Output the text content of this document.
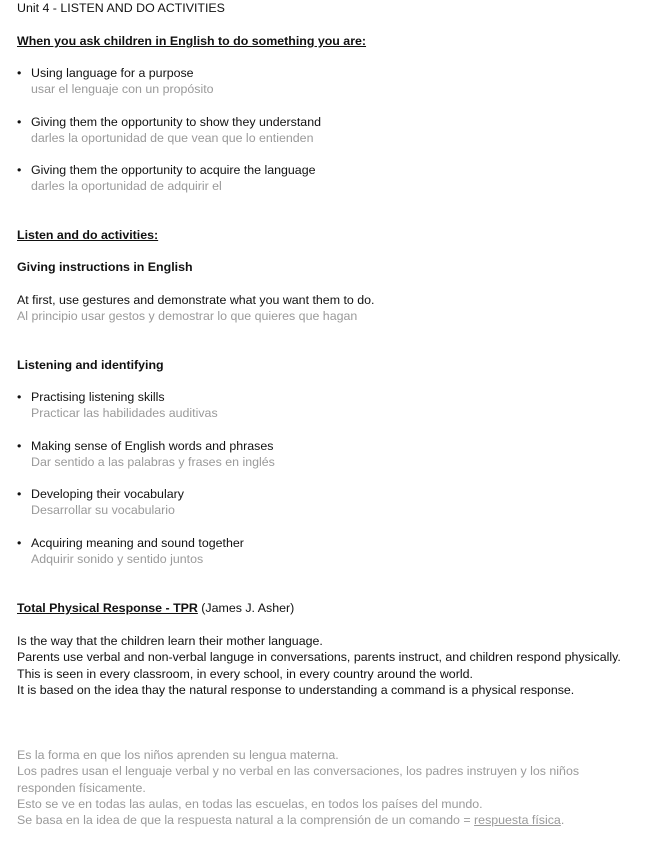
Unit 4 - LISTEN AND DO ACTIVITIES
When you ask children in English to do something you are:
• Using language for a purpose
usar el lenguaje con un propósito
• Giving them the opportunity to show they understand
darles la oportunidad de que vean que lo entienden
• Giving them the opportunity to acquire the language
darles la oportunidad de adquirir el
Listen and do activities:
Giving instructions in English
At first, use gestures and demonstrate what you want them to do.
Al principio usar gestos y demostrar lo que quieres que hagan
Listening and identifying
• Practising listening skills
Practicar las habilidades auditivas
• Making sense of English words and phrases
Dar sentido a las palabras y frases en inglés
• Developing their vocabulary
Desarrollar su vocabulario
• Acquiring meaning and sound together
Adquirir sonido y sentido juntos
Total Physical Response - TPR (James J. Asher)
Is the way that the children learn their mother language.
Parents use verbal and non-verbal languge in conversations, parents instruct, and children respond physically.
This is seen in every classroom, in every school, in every country around the world.
It is based on the idea thay the natural response to understanding a command is a physical response.
Es la forma en que los niños aprenden su lengua materna.
Los padres usan el lenguaje verbal y no verbal en las conversaciones, los padres instruyen y los niños responden físicamente.
Esto se ve en todas las aulas, en todas las escuelas, en todos los países del mundo.
Se basa en la idea de que la respuesta natural a la comprensión de un comando = respuesta física.
